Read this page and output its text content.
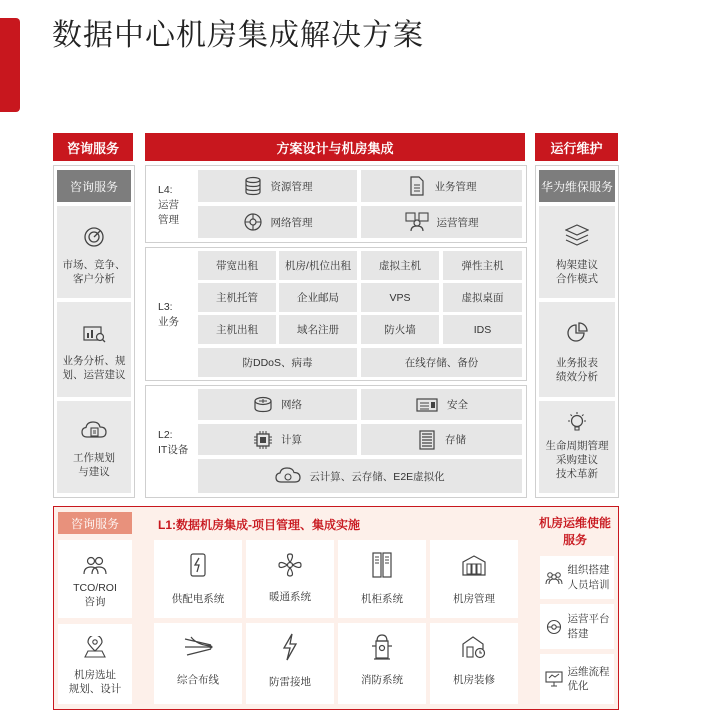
数据中心机房集成解决方案
咨询服务
咨询服务
市场、竞争、
客户分析
业务分析、规
划、运营建议
工作规划
与建议
方案设计与机房集成
L4:
运营
管理
资源管理	业务管理
网络管理	运营管理
L3:
业务
带宽出租	机房/机位出租	虚拟主机	弹性主机
主机托管	企业邮局	VPS	虚拟桌面
主机出租	域名注册	防火墙	IDS
防DDoS、病毒	在线存储、备份
L2:
IT设备
网络	安全
计算	存储
云计算、云存储、E2E虚拟化
运行维护
华为维保服务
构架建议
合作模式
业务报表
绩效分析
生命周期管理
采购建议
技术革新
咨询服务
TCO/ROI
咨询
机房选址
规划、设计
L1:数据机房集成-项目管理、集成实施
供配电系统	暖通系统	机柜系统	机房管理
综合布线	防雷接地	消防系统	机房装修
机房运维使能
服务
组织搭建
人员培训
运营平台
搭建
运维流程
优化
